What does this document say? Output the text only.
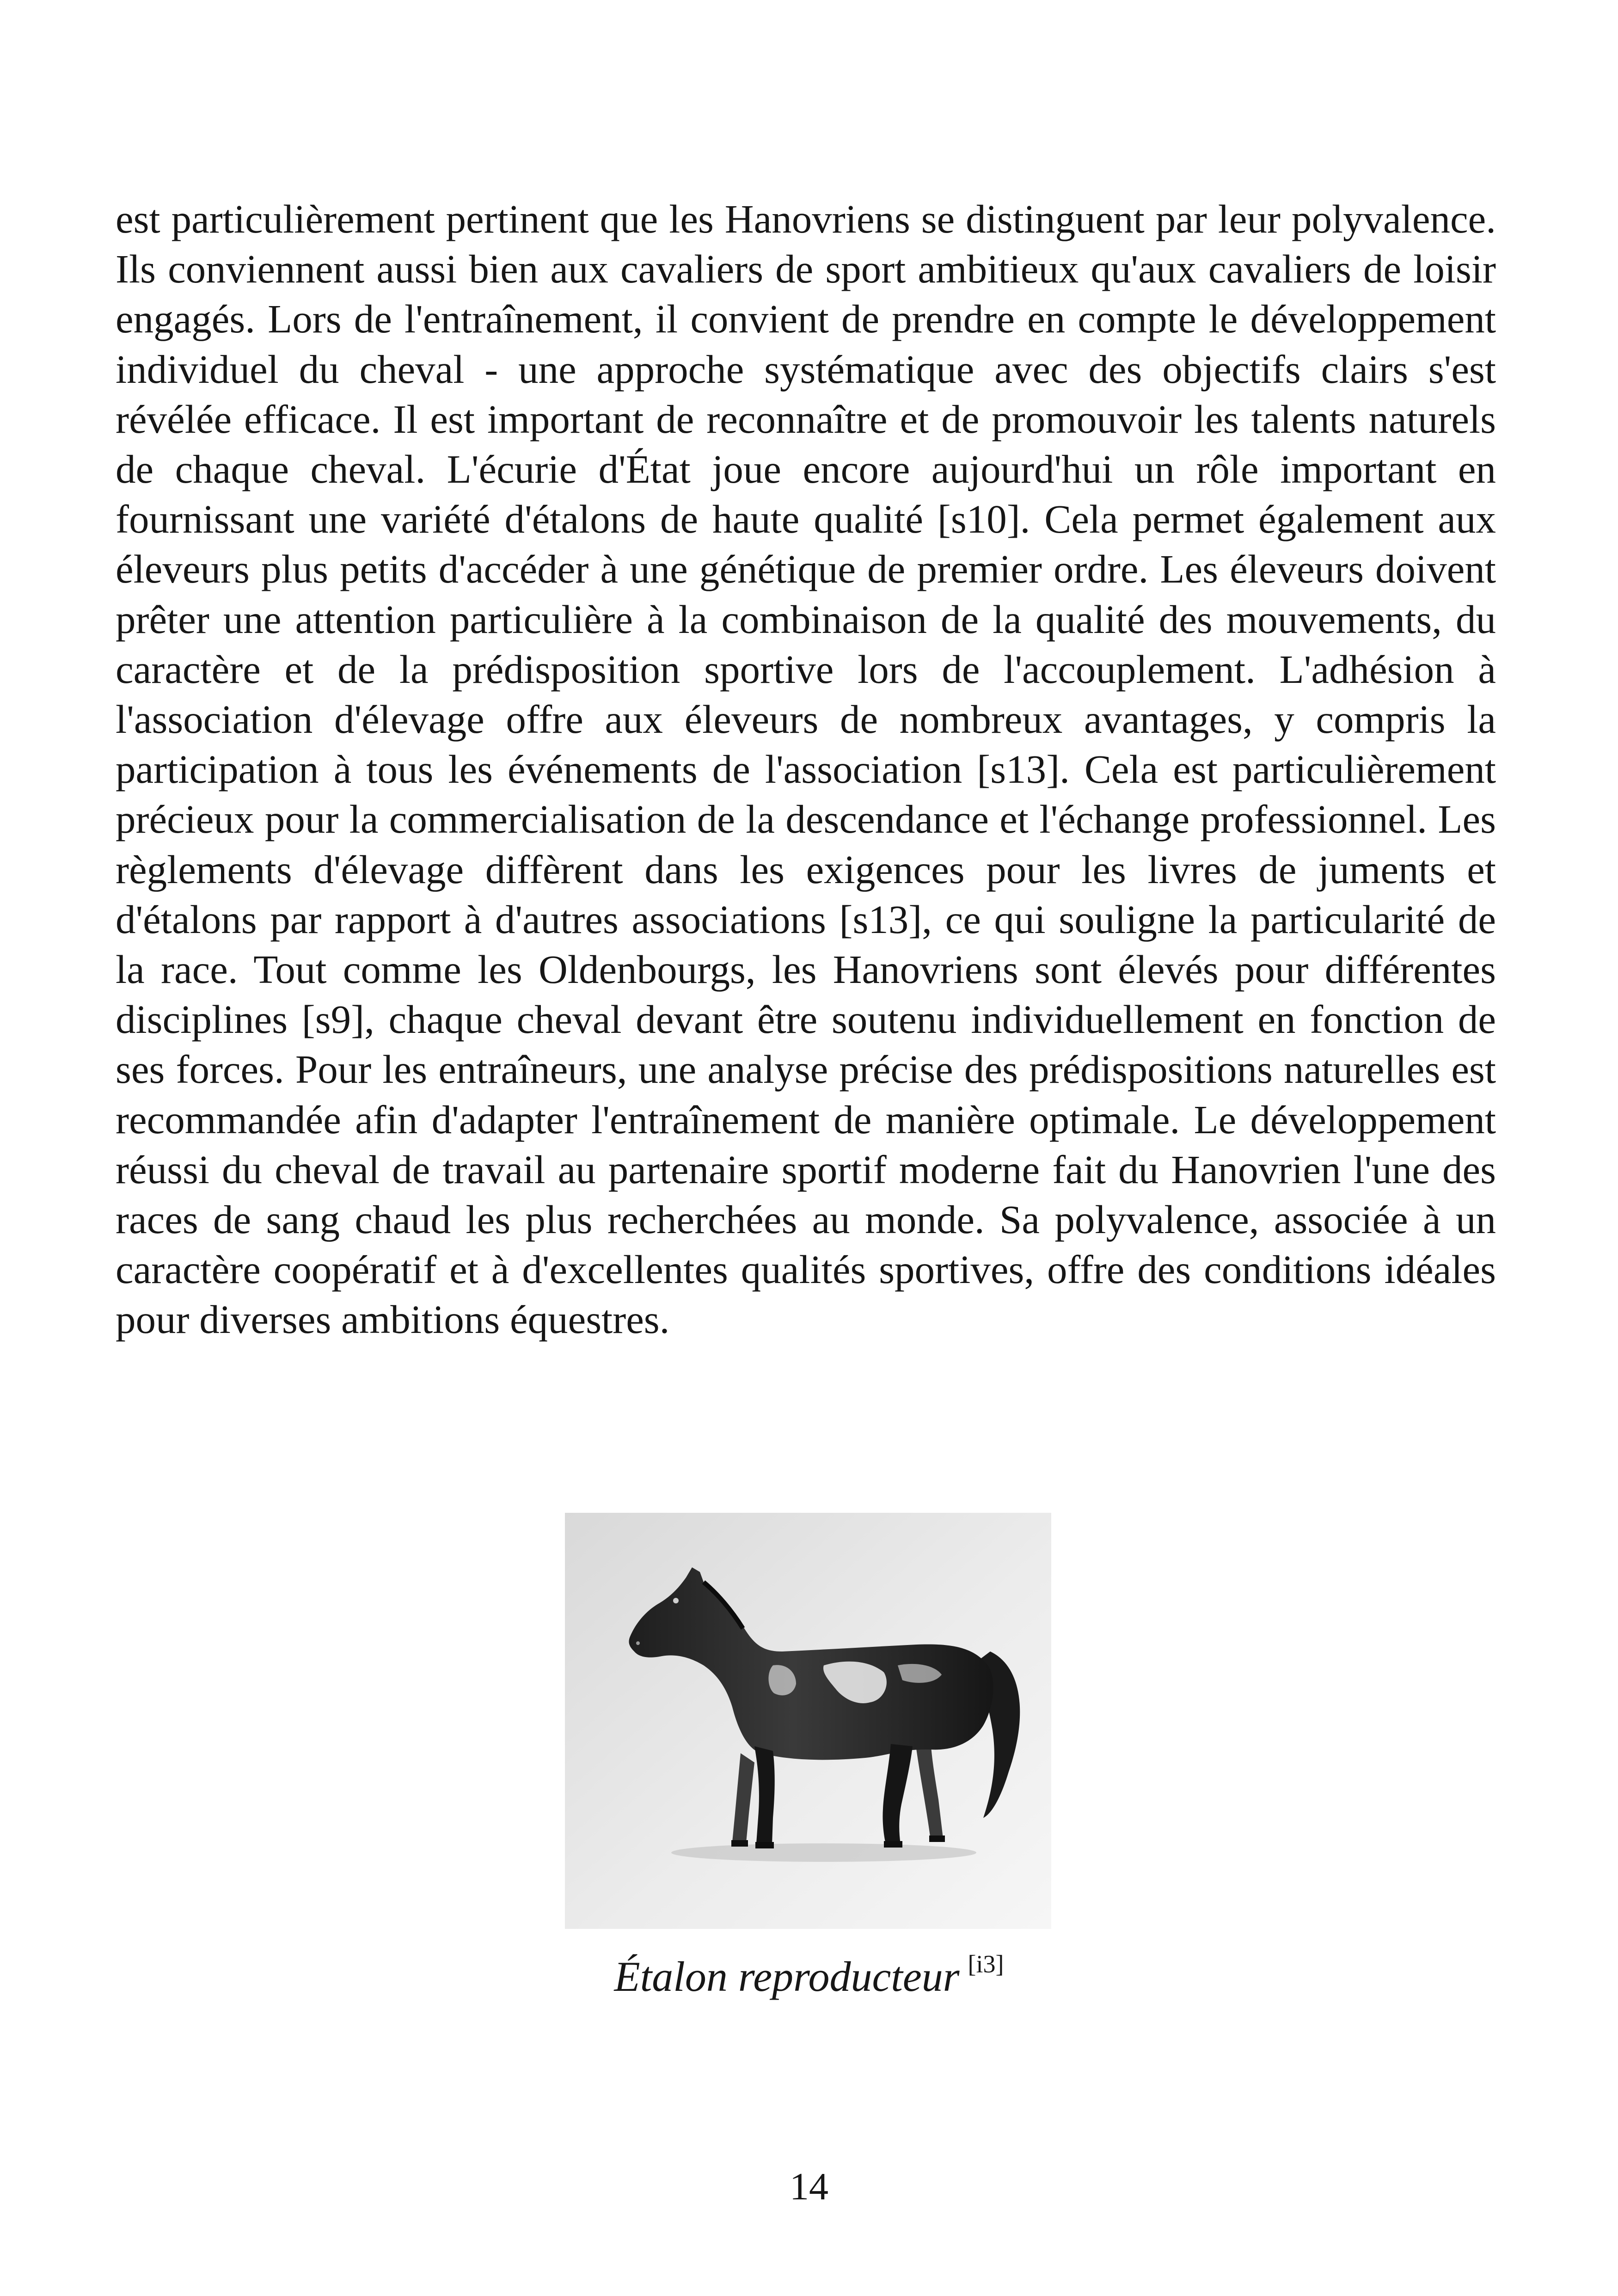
est particulièrement pertinent que les Hanovriens se distinguent par leur polyvalence. Ils conviennent aussi bien aux cavaliers de sport ambitieux qu'aux cavaliers de loisir engagés. Lors de l'entraînement, il convient de prendre en compte le développement individuel du cheval - une approche systématique avec des objectifs clairs s'est révélée efficace. Il est important de reconnaître et de promouvoir les talents naturels de chaque cheval. L'écurie d'État joue encore aujourd'hui un rôle important en fournissant une variété d'étalons de haute qualité [s10]. Cela permet également aux éleveurs plus petits d'accéder à une génétique de premier ordre. Les éleveurs doivent prêter une attention particulière à la combinaison de la qualité des mouvements, du caractère et de la prédisposition sportive lors de l'accouplement. L'adhésion à l'association d'élevage offre aux éleveurs de nombreux avantages, y compris la participation à tous les événements de l'association [s13]. Cela est particulièrement précieux pour la commercialisation de la descendance et l'échange professionnel. Les règlements d'élevage diffèrent dans les exigences pour les livres de juments et d'étalons par rapport à d'autres associations [s13], ce qui souligne la particularité de la race. Tout comme les Oldenbourgs, les Hanovriens sont élevés pour différentes disciplines [s9], chaque cheval devant être soutenu individuellement en fonction de ses forces. Pour les entraîneurs, une analyse précise des prédispositions naturelles est recommandée afin d'adapter l'entraînement de manière optimale. Le développement réussi du cheval de travail au partenaire sportif moderne fait du Hanovrien l'une des races de sang chaud les plus recherchées au monde. Sa polyvalence, associée à un caractère coopératif et à d'excellentes qualités sportives, offre des conditions idéales pour diverses ambitions équestres.

Étalon reproducteur [i3]
14
